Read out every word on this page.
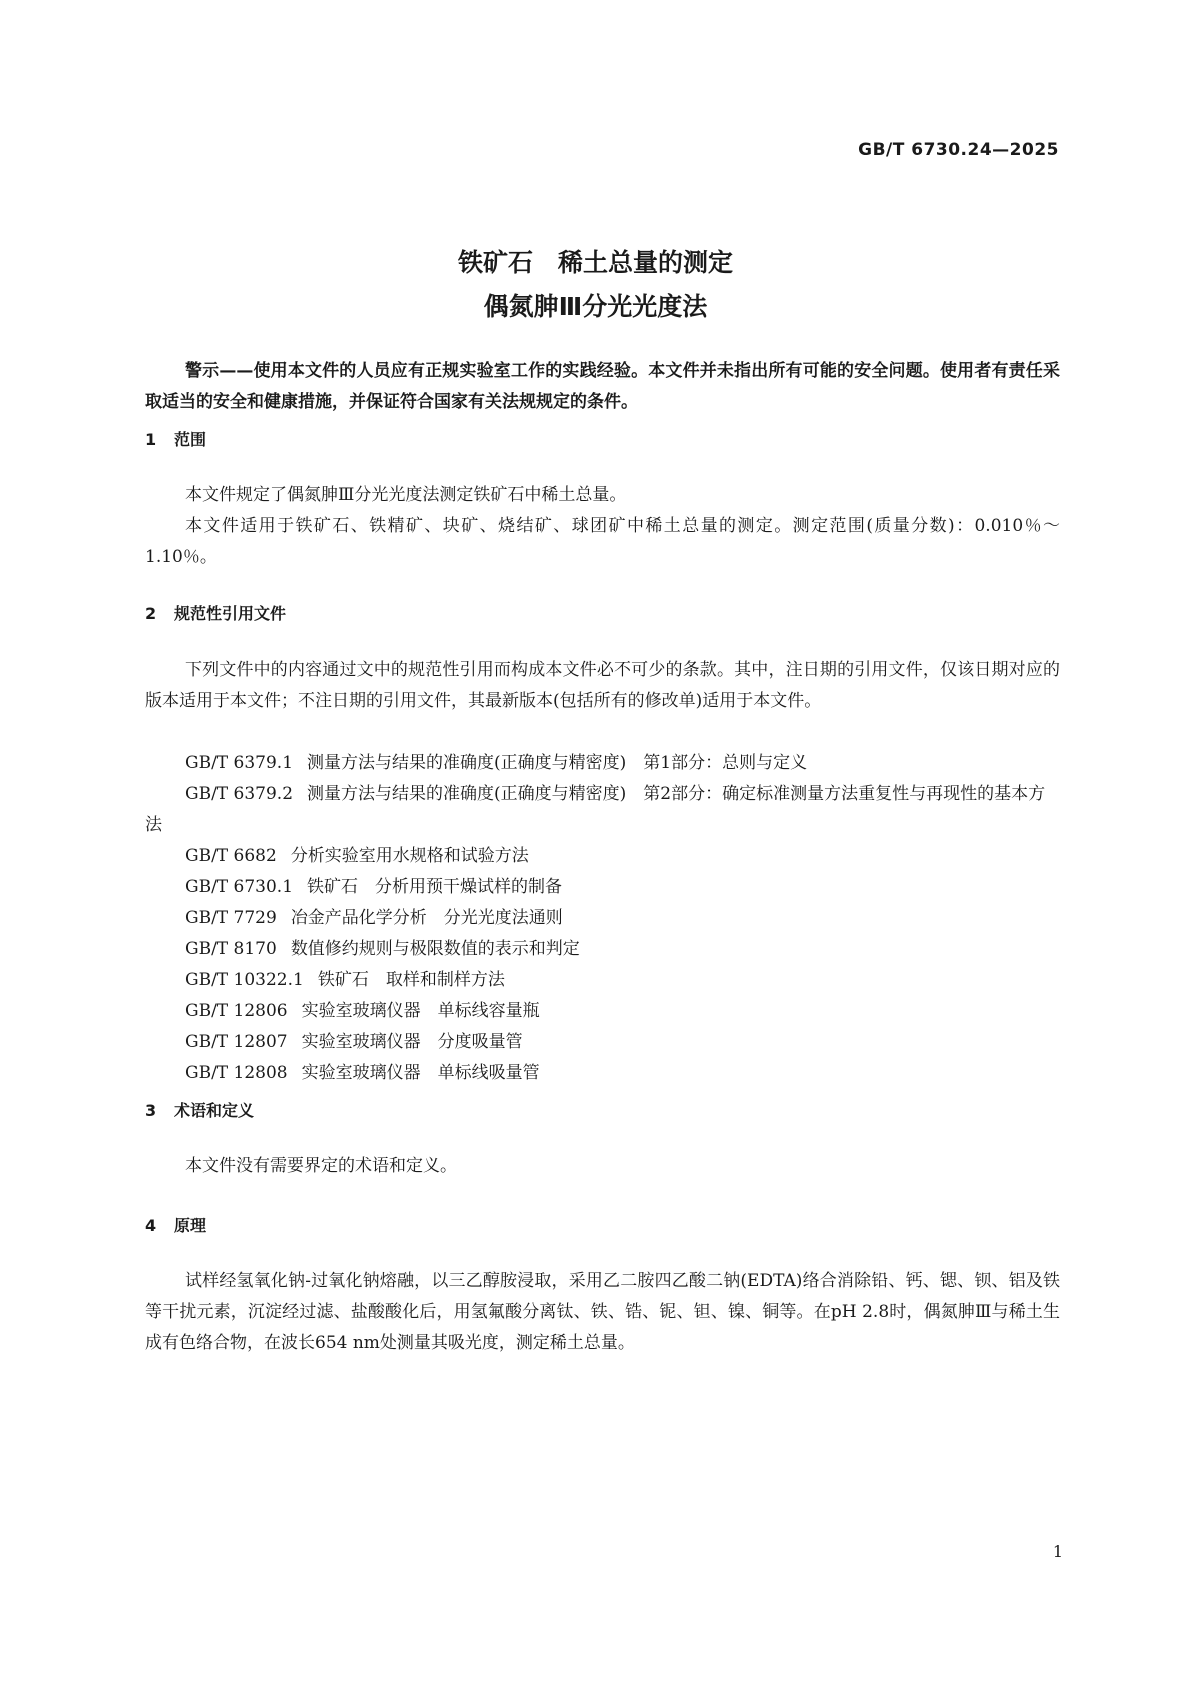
GB/T 6730.24—2025
铁矿石　稀土总量的测定
偶氮胂Ⅲ分光光度法
警示——使用本文件的人员应有正规实验室工作的实践经验。本文件并未指出所有可能的安全问题。使用者有责任采取适当的安全和健康措施，并保证符合国家有关法规规定的条件。
1 范围
本文件规定了偶氮胂Ⅲ分光光度法测定铁矿石中稀土总量。
本文件适用于铁矿石、铁精矿、块矿、烧结矿、球团矿中稀土总量的测定。测定范围(质量分数)：0.010％～1.10％。
2 规范性引用文件
下列文件中的内容通过文中的规范性引用而构成本文件必不可少的条款。其中，注日期的引用文件，仅该日期对应的版本适用于本文件；不注日期的引用文件，其最新版本(包括所有的修改单)适用于本文件。
GB/T 6379.1 测量方法与结果的准确度(正确度与精密度)　第1部分：总则与定义
GB/T 6379.2 测量方法与结果的准确度(正确度与精密度)　第2部分：确定标准测量方法重复性与再现性的基本方法
GB/T 6682 分析实验室用水规格和试验方法
GB/T 6730.1 铁矿石　分析用预干燥试样的制备
GB/T 7729 冶金产品化学分析　分光光度法通则
GB/T 8170 数值修约规则与极限数值的表示和判定
GB/T 10322.1 铁矿石　取样和制样方法
GB/T 12806 实验室玻璃仪器　单标线容量瓶
GB/T 12807 实验室玻璃仪器　分度吸量管
GB/T 12808 实验室玻璃仪器　单标线吸量管
3 术语和定义
本文件没有需要界定的术语和定义。
4 原理
试样经氢氧化钠-过氧化钠熔融，以三乙醇胺浸取，采用乙二胺四乙酸二钠(EDTA)络合消除铅、钙、锶、钡、铝及铁等干扰元素，沉淀经过滤、盐酸酸化后，用氢氟酸分离钛、铁、锆、铌、钽、镍、铜等。在pH 2.8时，偶氮胂Ⅲ与稀土生成有色络合物，在波长654 nm处测量其吸光度，测定稀土总量。
1
